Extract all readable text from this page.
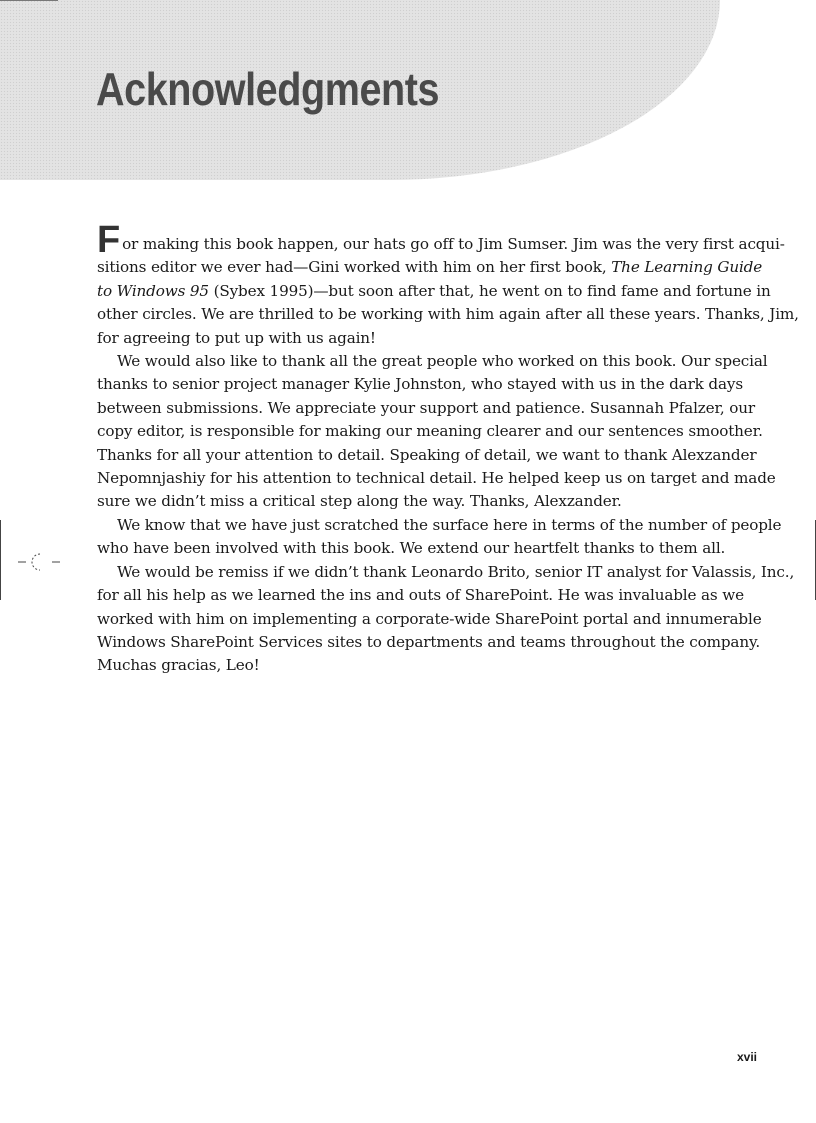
Acknowledgments

For making this book happen, our hats go off to Jim Sumser. Jim was the very first acqui-
sitions editor we ever had—Gini worked with him on her first book, The Learning Guide
to Windows 95 (Sybex 1995)—but soon after that, he went on to find fame and fortune in
other circles. We are thrilled to be working with him again after all these years. Thanks, Jim,
for agreeing to put up with us again!

We would also like to thank all the great people who worked on this book. Our special
thanks to senior project manager Kylie Johnston, who stayed with us in the dark days
between submissions. We appreciate your support and patience. Susannah Pfalzer, our
copy editor, is responsible for making our meaning clearer and our sentences smoother.
Thanks for all your attention to detail. Speaking of detail, we want to thank Alexzander
Nepomnjashiy for his attention to technical detail. He helped keep us on target and made
sure we didn’t miss a critical step along the way. Thanks, Alexzander.

We know that we have just scratched the surface here in terms of the number of people
who have been involved with this book. We extend our heartfelt thanks to them all.

We would be remiss if we didn’t thank Leonardo Brito, senior IT analyst for Valassis, Inc.,
for all his help as we learned the ins and outs of SharePoint. He was invaluable as we
worked with him on implementing a corporate-wide SharePoint portal and innumerable
Windows SharePoint Services sites to departments and teams throughout the company.
Muchas gracias, Leo!

xvii
